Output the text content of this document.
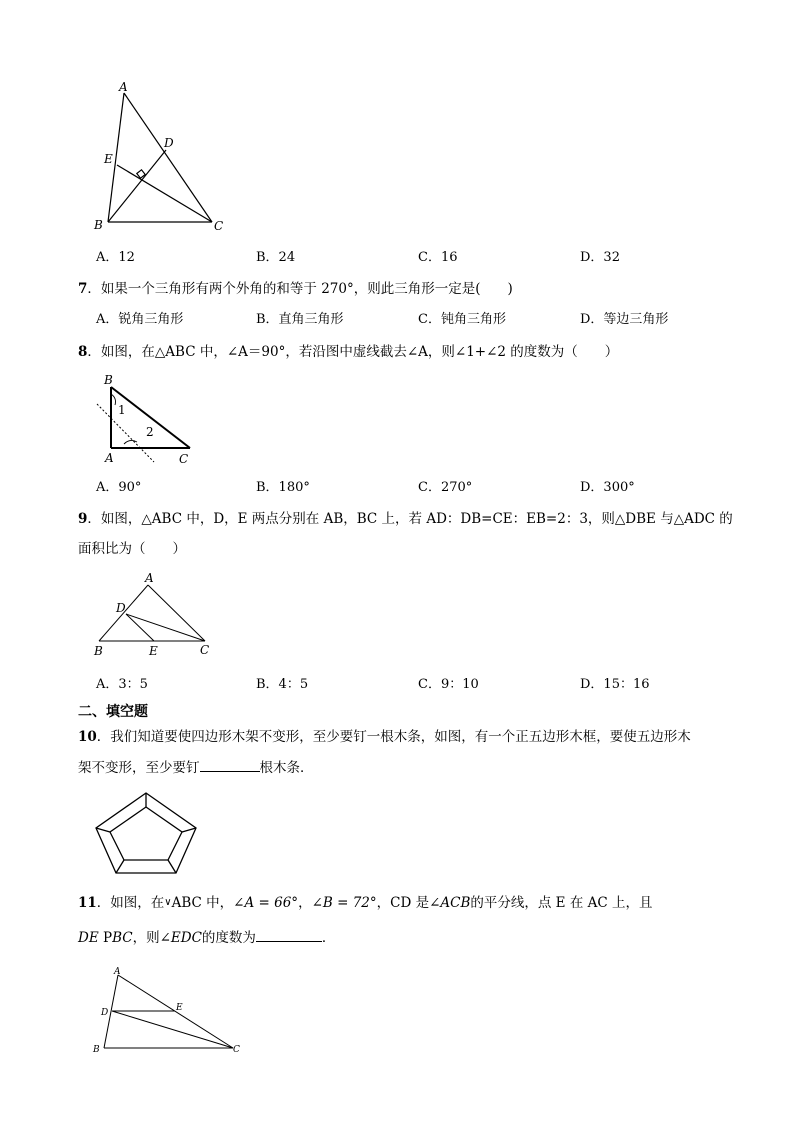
A
D
E
B	C
A．12	B．24	C．16	D．32
7．如果一个三角形有两个外角的和等于 270°，则此三角形一定是(　　)
A．锐角三角形	B．直角三角形	C．钝角三角形	D．等边三角形
8．如图，在△ABC 中，∠A＝90°，若沿图中虚线截去∠A，则∠1+∠2 的度数为（　　）
B
1
2
A	C
A．90°	B．180°	C．270°	D．300°
9．如图，△ABC 中，D，E 两点分别在 AB，BC 上，若 AD：DB=CE：EB=2：3，则△DBE 与△ADC 的
面积比为（　　）
A
D
B	E	C
A．3：5	B．4：5	C．9：10	D．15：16
二、填空题
10．我们知道要使四边形木架不变形，至少要钉一根木条，如图，有一个正五边形木框，要使五边形木
架不变形，至少要钉	根木条．
11．如图，在∨ABC 中，∠A = 66°，∠B = 72°，CD 是∠ACB的平分线，点 E 在 AC 上，且
DE PBC，则∠EDC的度数为	．
A
D	E
B	C
